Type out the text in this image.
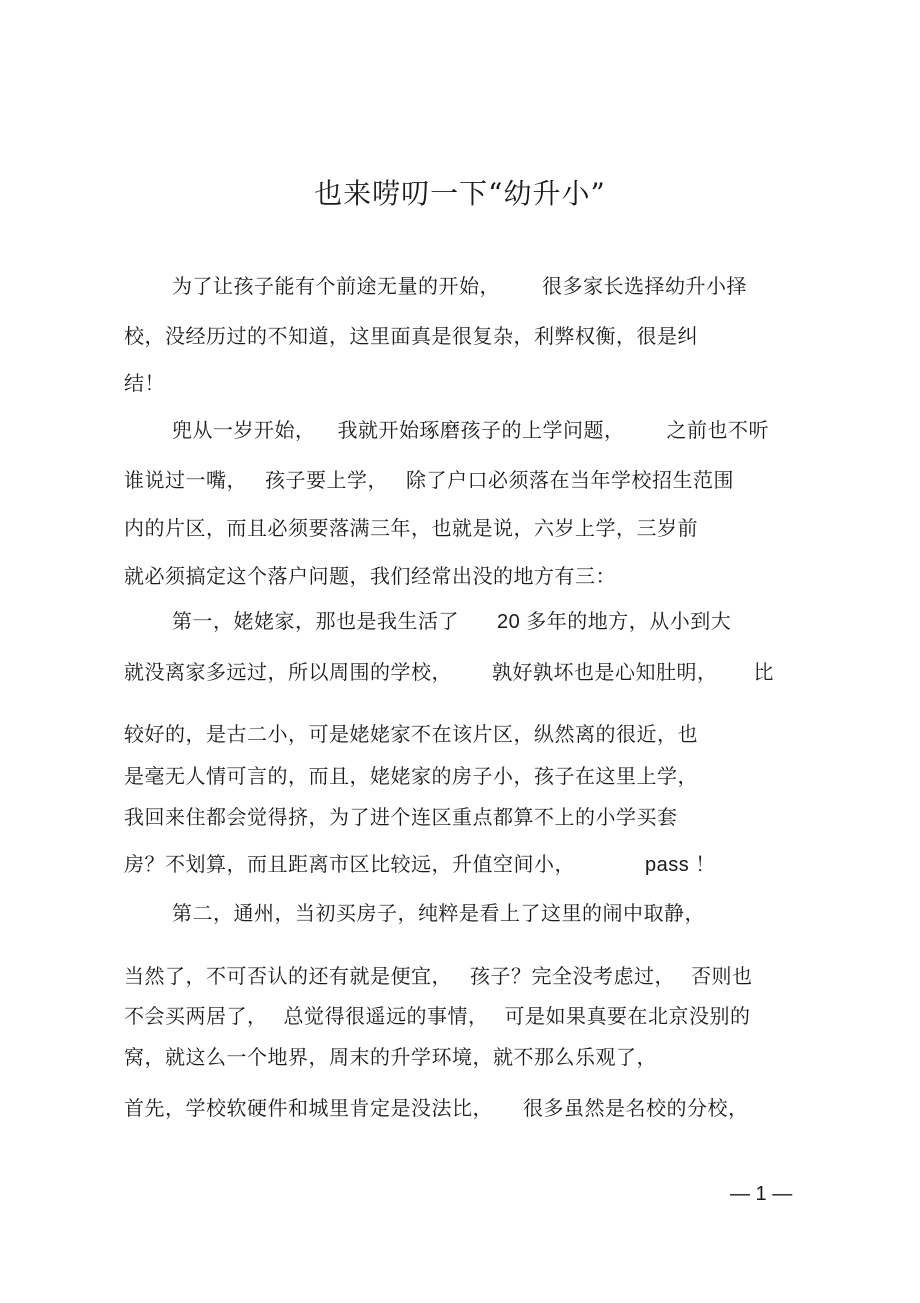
也来唠叨一下“幼升小”
为了让孩子能有个前途无量的开始， 很多家长选择幼升小择
校，没经历过的不知道，这里面真是很复杂，利弊权衡，很是纠
结！
兜从一岁开始， 我就开始琢磨孩子的上学问题， 之前也不听
谁说过一嘴， 孩子要上学， 除了户口必须落在当年学校招生范围
内的片区，而且必须要落满三年，也就是说，六岁上学，三岁前
就必须搞定这个落户问题，我们经常出没的地方有三：
第一，姥姥家，那也是我生活了 20 多年的地方，从小到大
就没离家多远过，所以周围的学校， 孰好孰坏也是心知肚明， 比
较好的，是古二小，可是姥姥家不在该片区，纵然离的很近，也
是毫无人情可言的，而且，姥姥家的房子小，孩子在这里上学，
我回来住都会觉得挤，为了进个连区重点都算不上的小学买套
房？不划算，而且距离市区比较远，升值空间小，	pass ！
第二，通州，当初买房子，纯粹是看上了这里的闹中取静，
当然了，不可否认的还有就是便宜， 孩子？完全没考虑过， 否则也
不会买两居了， 总觉得很遥远的事情， 可是如果真要在北京没别的
窝，就这么一个地界，周末的升学环境，就不那么乐观了，
首先，学校软硬件和城里肯定是没法比， 很多虽然是名校的分校，
— 1 —
